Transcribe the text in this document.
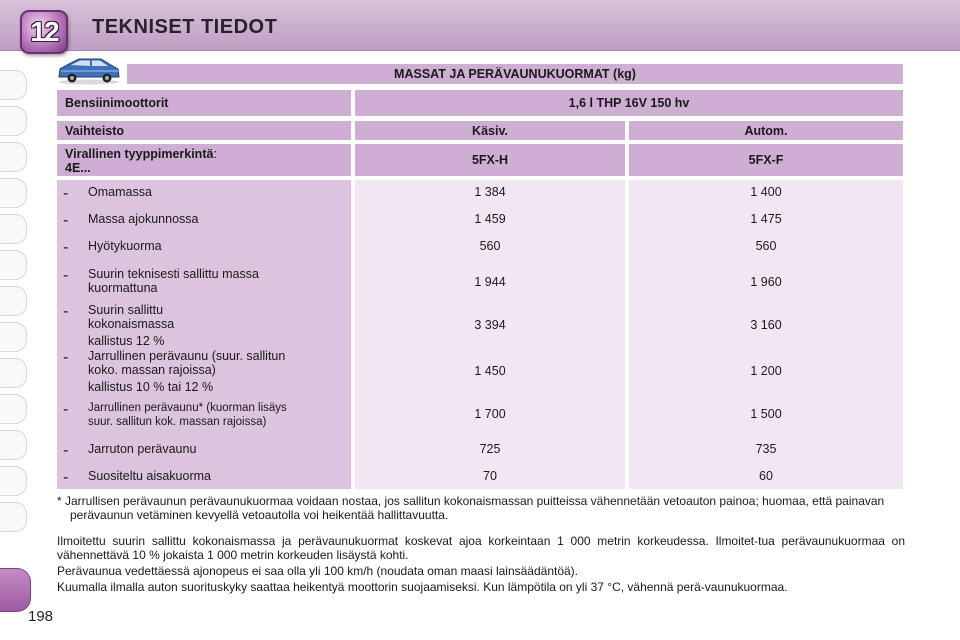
12 TEKNISET TIEDOT
198
MASSAT JA PERÄVAUNUKUORMAT (kg)
Bensiinimoottorit	1,6 l THP 16V 150 hv
Vaihteisto	Käsiv.	Autom.
Virallinen tyyppimerkintä:
4E...
5FX-H	5FX-F
- Omamassa	1 384	1 400
- Massa ajokunnossa	1 459	1 475
- Hyötykuorma	560	560
- Suurin teknisesti sallittu massa
kuormattuna	1 944	1 960
- Suurin sallittu
kokonaismassa
kallistus 12 %
3 394	3 160
- Jarrullinen perävaunu (suur. sallitun
koko. massan rajoissa)
kallistus 10 % tai 12 %
1 450	1 200
- Jarrullinen perävaunu* (kuorman lisäys
suur. sallitun kok. massan rajoissa)
1 700	1 500
- Jarruton perävaunu	725	735
- Suositeltu aisakuorma	70	60
* Jarrullisen perävaunun perävaunukuormaa voidaan nostaa, jos sallitun kokonaismassan puitteissa vähennetään vetoauton painoa; huomaa, että painavan perävaunun vetäminen kevyellä vetoautolla voi heikentää hallittavuutta.
Ilmoitettu suurin sallittu kokonaismassa ja perävaunukuormat koskevat ajoa korkeintaan 1 000 metrin korkeudessa. Ilmoitet-tua perävaunukuormaa on vähennettävä 10 % jokaista 1 000 metrin korkeuden lisäystä kohti.
Perävaunua vedettäessä ajonopeus ei saa olla yli 100 km/h (noudata oman maasi lainsäädäntöä).
Kuumalla ilmalla auton suorituskyky saattaa heikentyä moottorin suojaamiseksi. Kun lämpötila on yli 37 °C, vähennä perä-vaunukuormaa.
